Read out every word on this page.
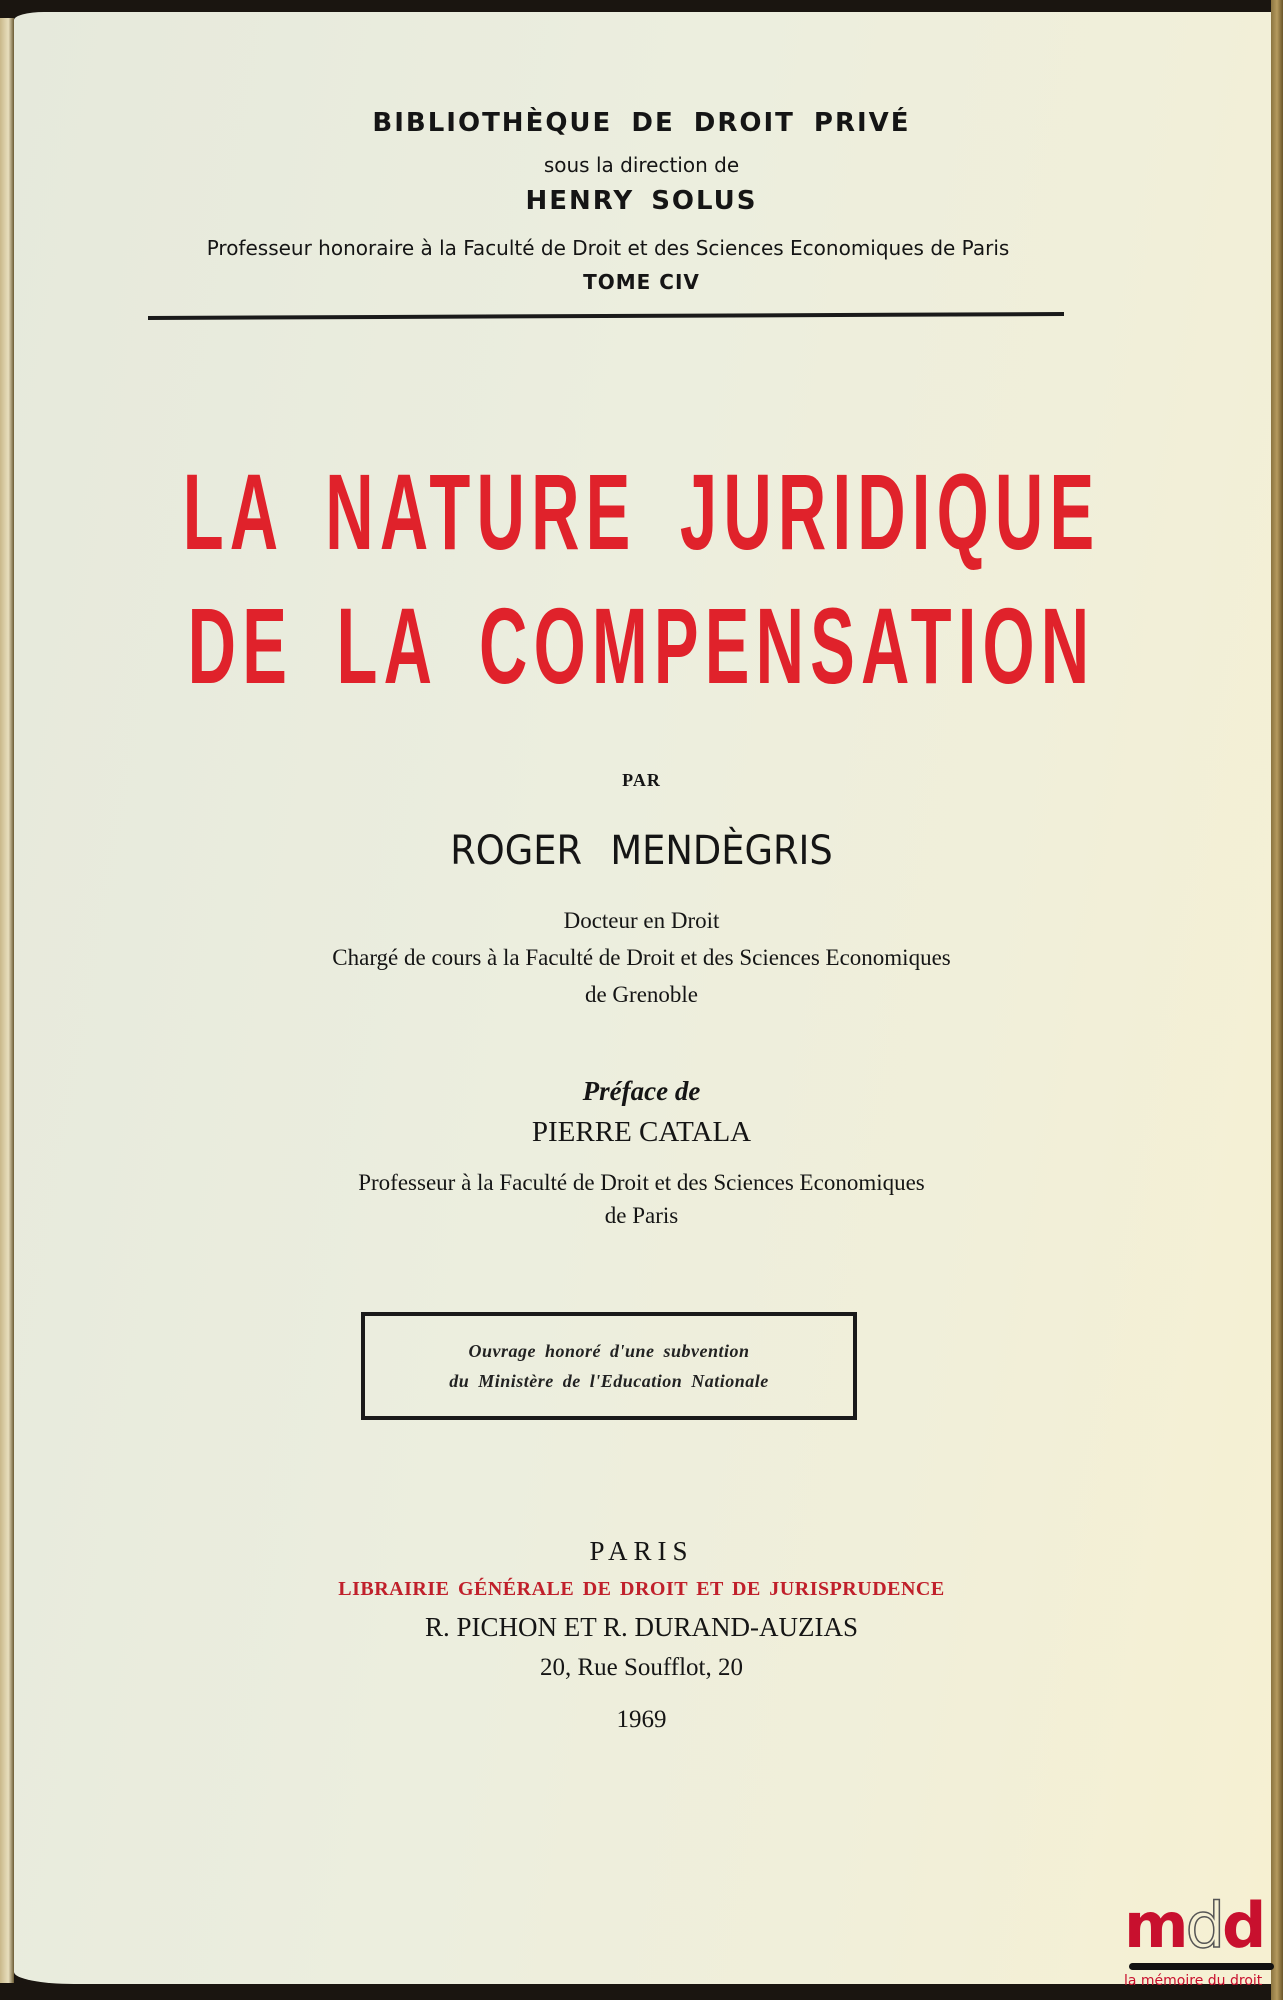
BIBLIOTHÈQUE DE DROIT PRIVÉ
sous la direction de
HENRY SOLUS
Professeur honoraire à la Faculté de Droit et des Sciences Economiques de Paris
TOME CIV
LA NATURE JURIDIQUE
DE LA COMPENSATION
PAR
ROGER MENDÈGRIS
Docteur en Droit
Chargé de cours à la Faculté de Droit et des Sciences Economiques
de Grenoble
Préface de
PIERRE CATALA
Professeur à la Faculté de Droit et des Sciences Economiques
de Paris
Ouvrage honoré d'une subvention
du Ministère de l'Education Nationale
PARIS
LIBRAIRIE GÉNÉRALE DE DROIT ET DE JURISPRUDENCE
R. PICHON ET R. DURAND-AUZIAS
20, Rue Soufflot, 20
1969
mdd
la mémoire du droit
